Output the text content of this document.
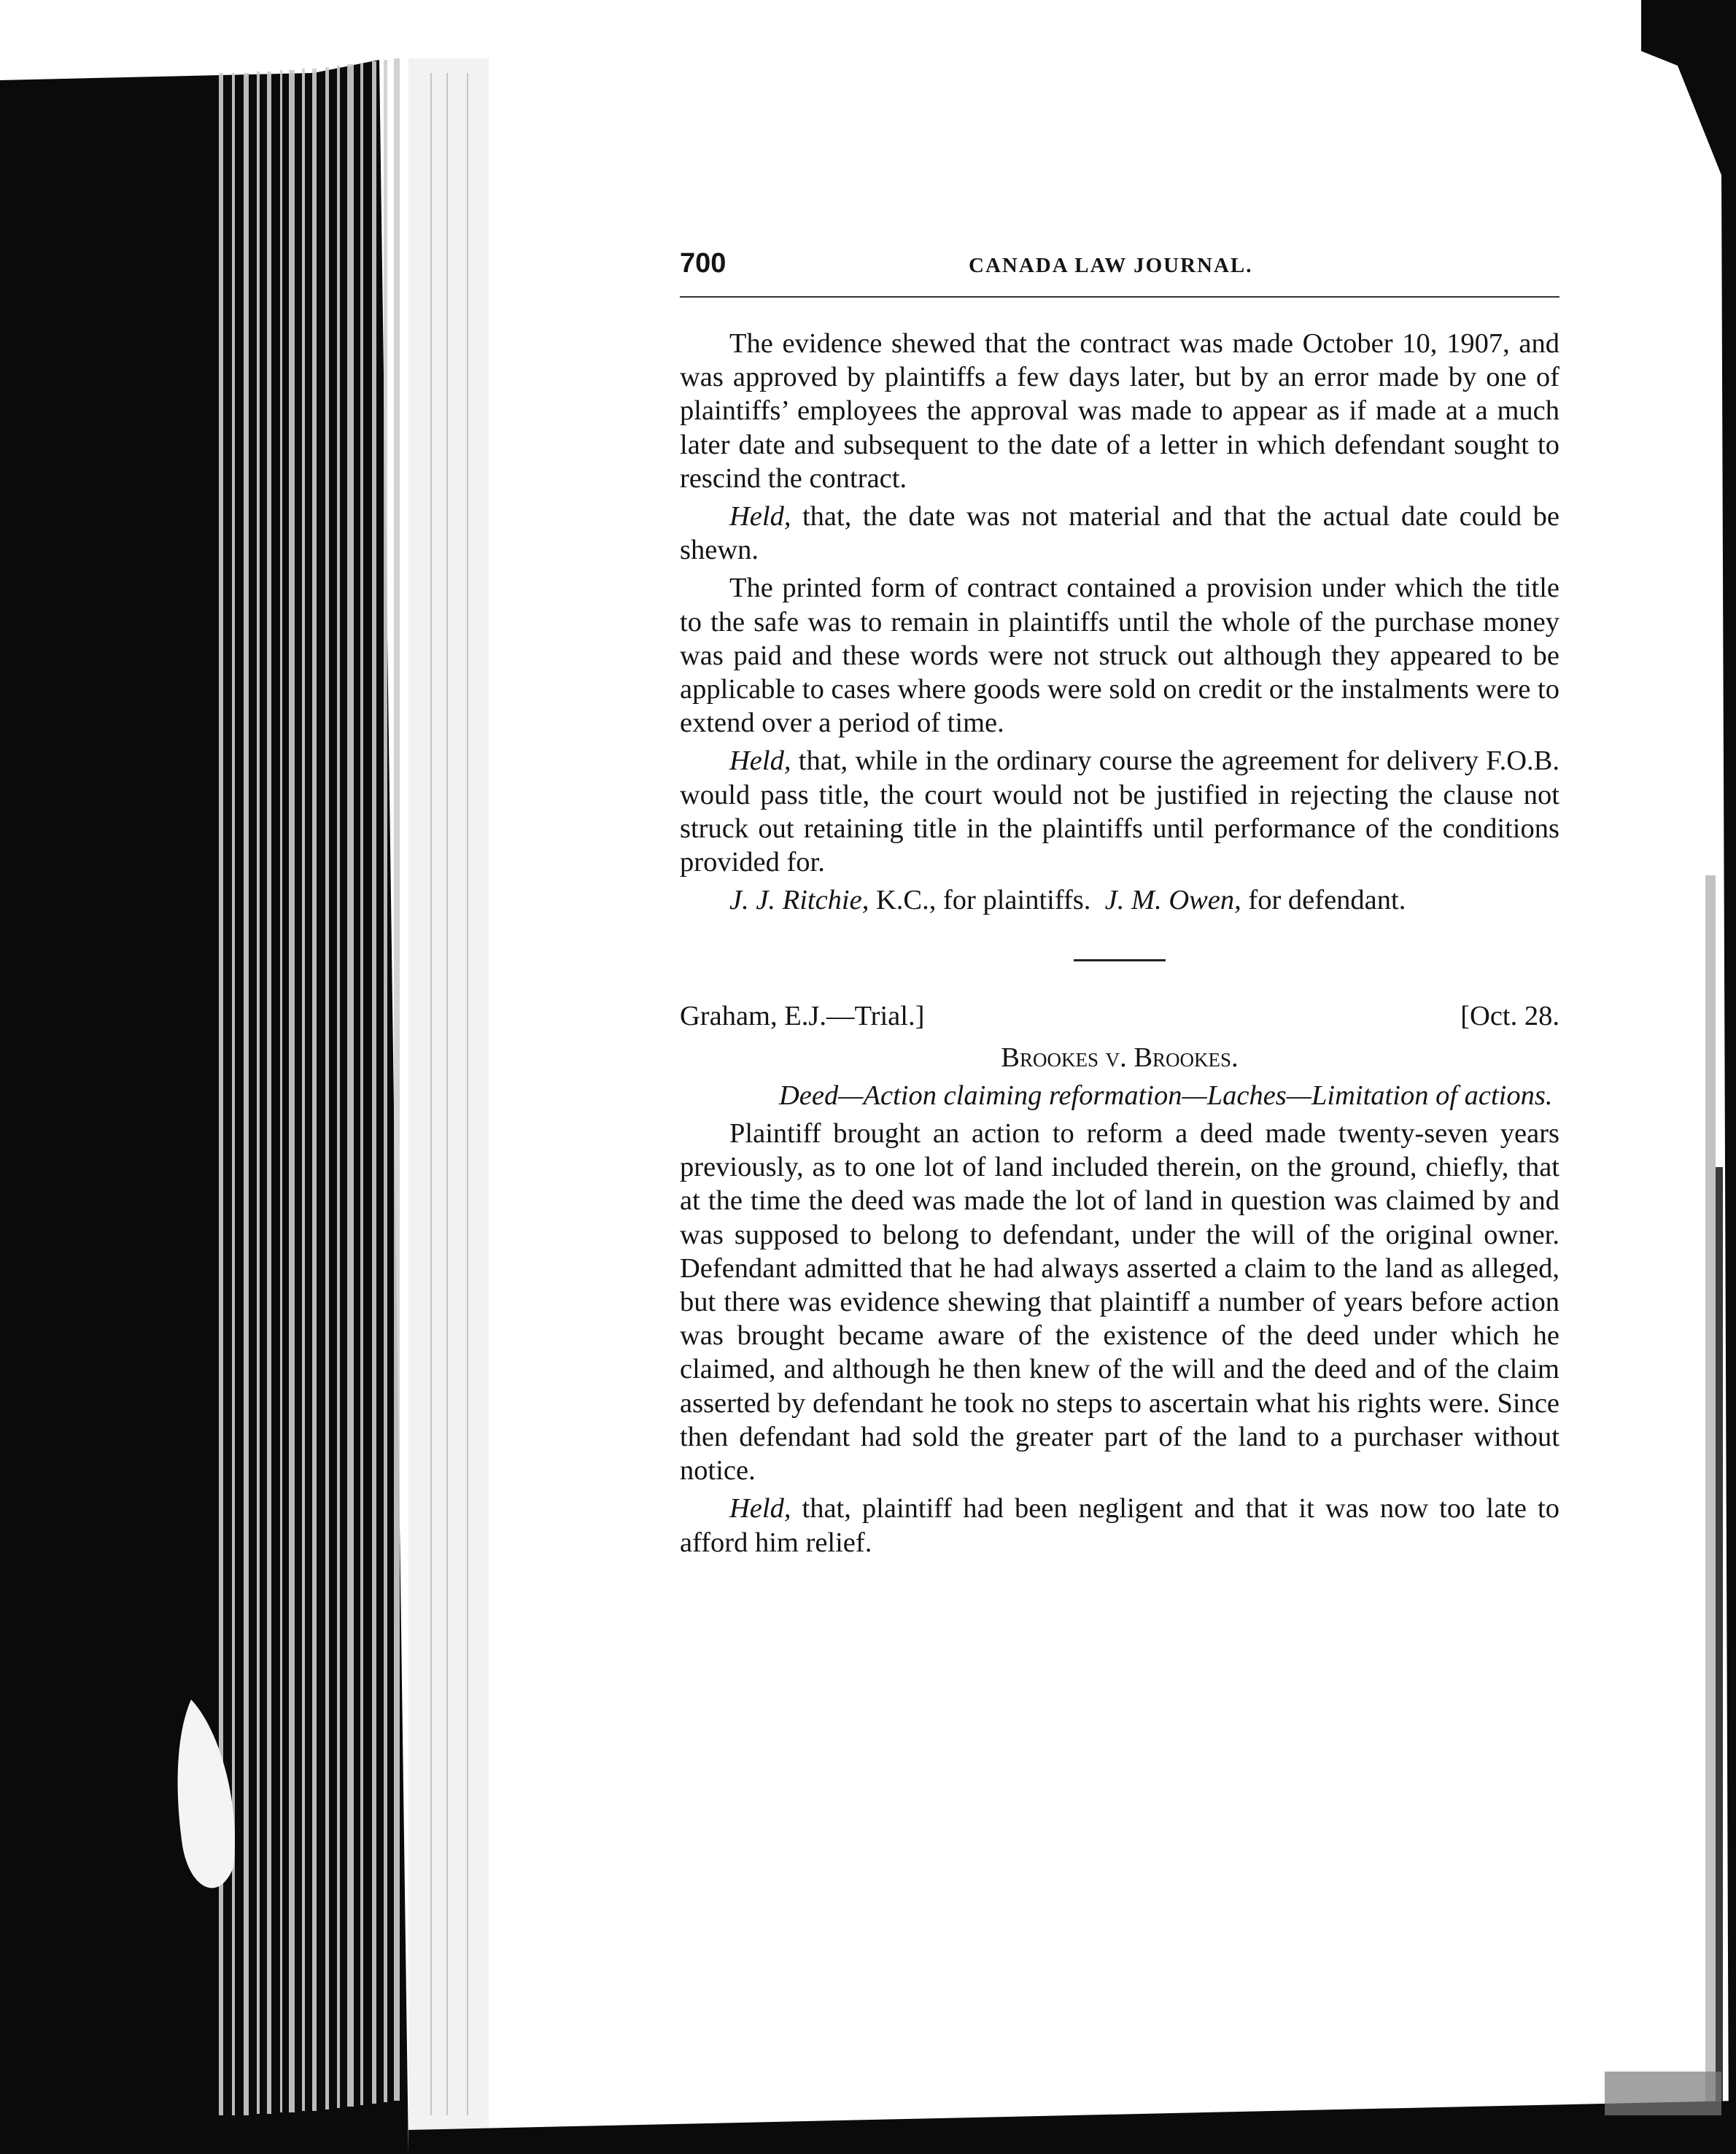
700	CANADA LAW JOURNAL.

The evidence shewed that the contract was made October 10, 1907, and was approved by plaintiffs a few days later, but by an error made by one of plaintiffs’ employees the approval was made to appear as if made at a much later date and subsequent to the date of a letter in which defendant sought to rescind the contract.

Held, that, the date was not material and that the actual date could be shewn.

The printed form of contract contained a provision under which the title to the safe was to remain in plaintiffs until the whole of the purchase money was paid and these words were not struck out although they appeared to be applicable to cases where goods were sold on credit or the instalments were to extend over a period of time.

Held, that, while in the ordinary course the agreement for delivery F.O.B. would pass title, the court would not be justified in rejecting the clause not struck out retaining title in the plaintiffs until performance of the conditions provided for.

J. J. Ritchie, K.C., for plaintiffs. J. M. Owen, for defendant.

Graham, E.J.—Trial.]	[Oct. 28.

Brookes v. Brookes.

Deed—Action claiming reformation—Laches—Limitation of actions.

Plaintiff brought an action to reform a deed made twenty-seven years previously, as to one lot of land included therein, on the ground, chiefly, that at the time the deed was made the lot of land in question was claimed by and was supposed to belong to defendant, under the will of the original owner. Defendant admitted that he had always asserted a claim to the land as alleged, but there was evidence shewing that plaintiff a number of years before action was brought became aware of the existence of the deed under which he claimed, and although he then knew of the will and the deed and of the claim asserted by defendant he took no steps to ascertain what his rights were. Since then defendant had sold the greater part of the land to a purchaser without notice.

Held, that, plaintiff had been negligent and that it was now too late to afford him relief.
